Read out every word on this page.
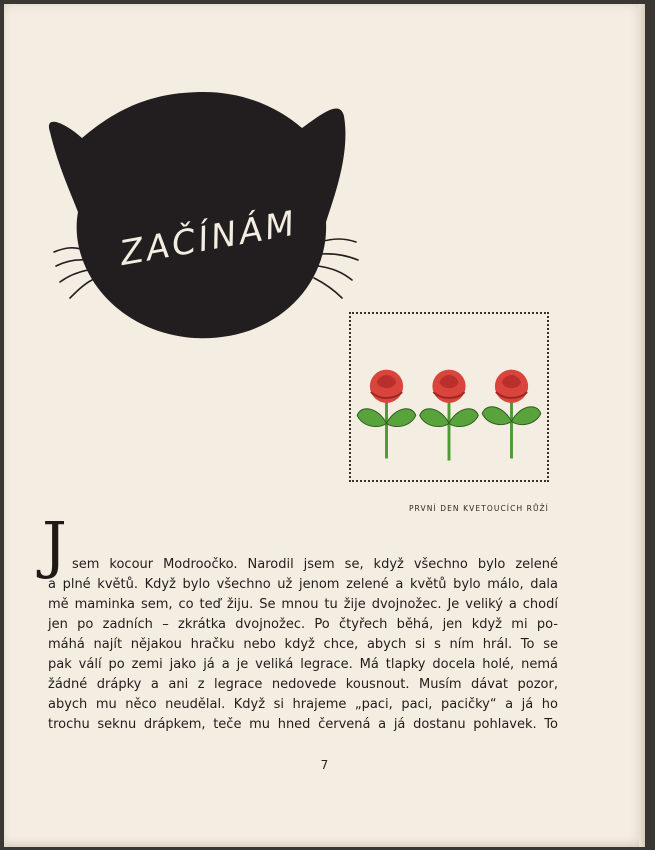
ZAČÍNÁM
PRVNÍ DEN KVETOUCÍCH RŮŽÍ
J sem kocour Modroočko. Narodil jsem se, když všechno bylo zelené
a plné květů. Když bylo všechno už jenom zelené a květů bylo málo, dala
mě maminka sem, co teď žiju. Se mnou tu žije dvojnožec. Je veliký a chodí
jen po zadních – zkrátka dvojnožec. Po čtyřech běhá, jen když mi po-
máhá najít nějakou hračku nebo když chce, abych si s ním hrál. To se
pak válí po zemi jako já a je veliká legrace. Má tlapky docela holé, nemá
žádné drápky a ani z legrace nedovede kousnout. Musím dávat pozor,
abych mu něco neudělal. Když si hrajeme „paci, paci, pacičky“ a já ho
trochu seknu drápkem, teče mu hned červená a já dostanu pohlavek. To
7
